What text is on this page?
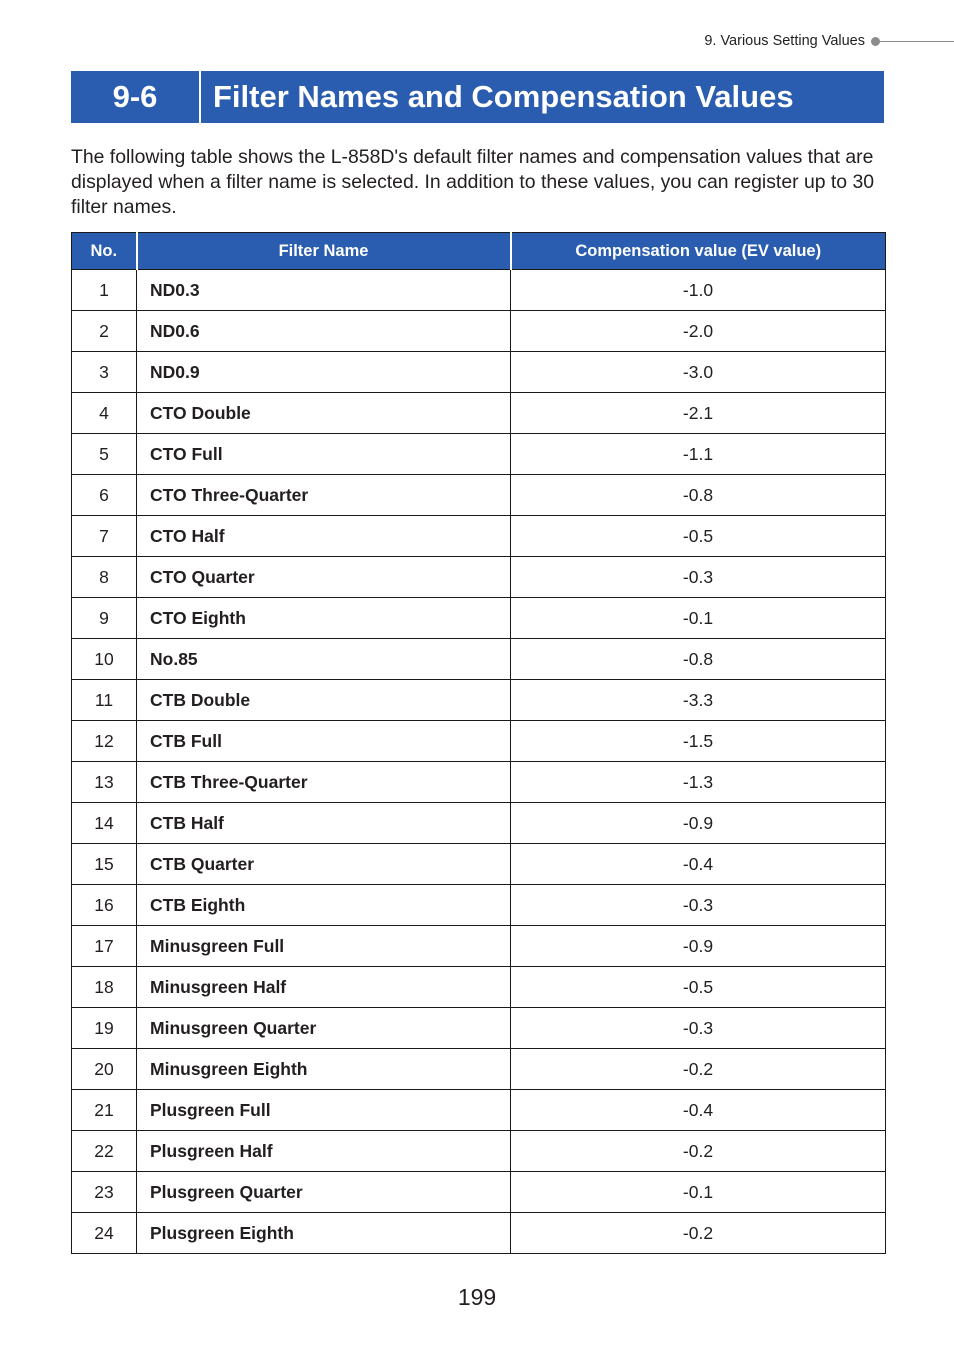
9. Various Setting Values
9-6	Filter Names and Compensation Values

The following table shows the L-858D's default filter names and compensation values that are displayed when a filter name is selected. In addition to these values, you can register up to 30 filter names.

No.	Filter Name	Compensation value (EV value)
1	ND0.3	-1.0
2	ND0.6	-2.0
3	ND0.9	-3.0
4	CTO Double	-2.1
5	CTO Full	-1.1
6	CTO Three-Quarter	-0.8
7	CTO Half	-0.5
8	CTO Quarter	-0.3
9	CTO Eighth	-0.1
10	No.85	-0.8
11	CTB Double	-3.3
12	CTB Full	-1.5
13	CTB Three-Quarter	-1.3
14	CTB Half	-0.9
15	CTB Quarter	-0.4
16	CTB Eighth	-0.3
17	Minusgreen Full	-0.9
18	Minusgreen Half	-0.5
19	Minusgreen Quarter	-0.3
20	Minusgreen Eighth	-0.2
21	Plusgreen Full	-0.4
22	Plusgreen Half	-0.2
23	Plusgreen Quarter	-0.1
24	Plusgreen Eighth	-0.2
199
